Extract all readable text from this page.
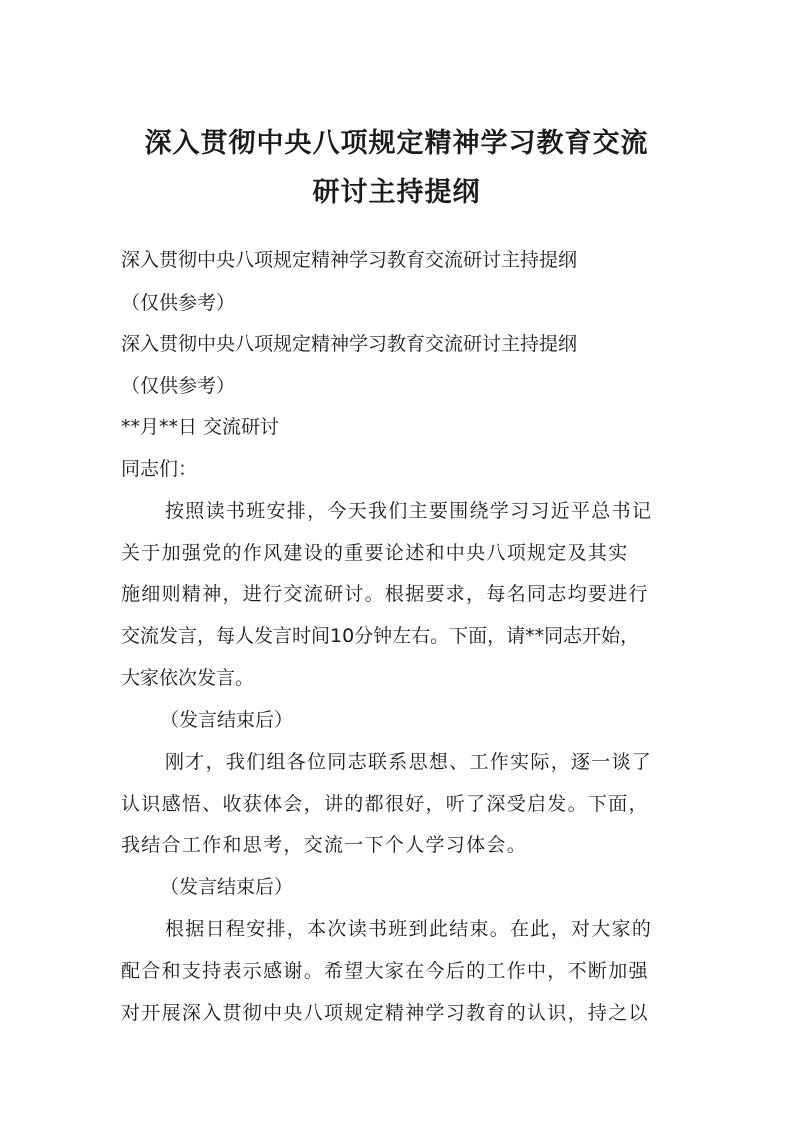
深入贯彻中央八项规定精神学习教育交流
研讨主持提纲

深入贯彻中央八项规定精神学习教育交流研讨主持提纲

（仅供参考）

深入贯彻中央八项规定精神学习教育交流研讨主持提纲

（仅供参考）

**月**日 交流研讨

同志们：

按照读书班安排，今天我们主要围绕学习习近平总书记

关于加强党的作风建设的重要论述和中央八项规定及其实

施细则精神，进行交流研讨。根据要求，每名同志均要进行

交流发言，每人发言时间10分钟左右。下面，请**同志开始，

大家依次发言。

（发言结束后）

刚才，我们组各位同志联系思想、工作实际，逐一谈了

认识感悟、收获体会，讲的都很好，听了深受启发。下面，

我结合工作和思考，交流一下个人学习体会。

（发言结束后）

根据日程安排，本次读书班到此结束。在此，对大家的

配合和支持表示感谢。希望大家在今后的工作中，不断加强

对开展深入贯彻中央八项规定精神学习教育的认识，持之以
